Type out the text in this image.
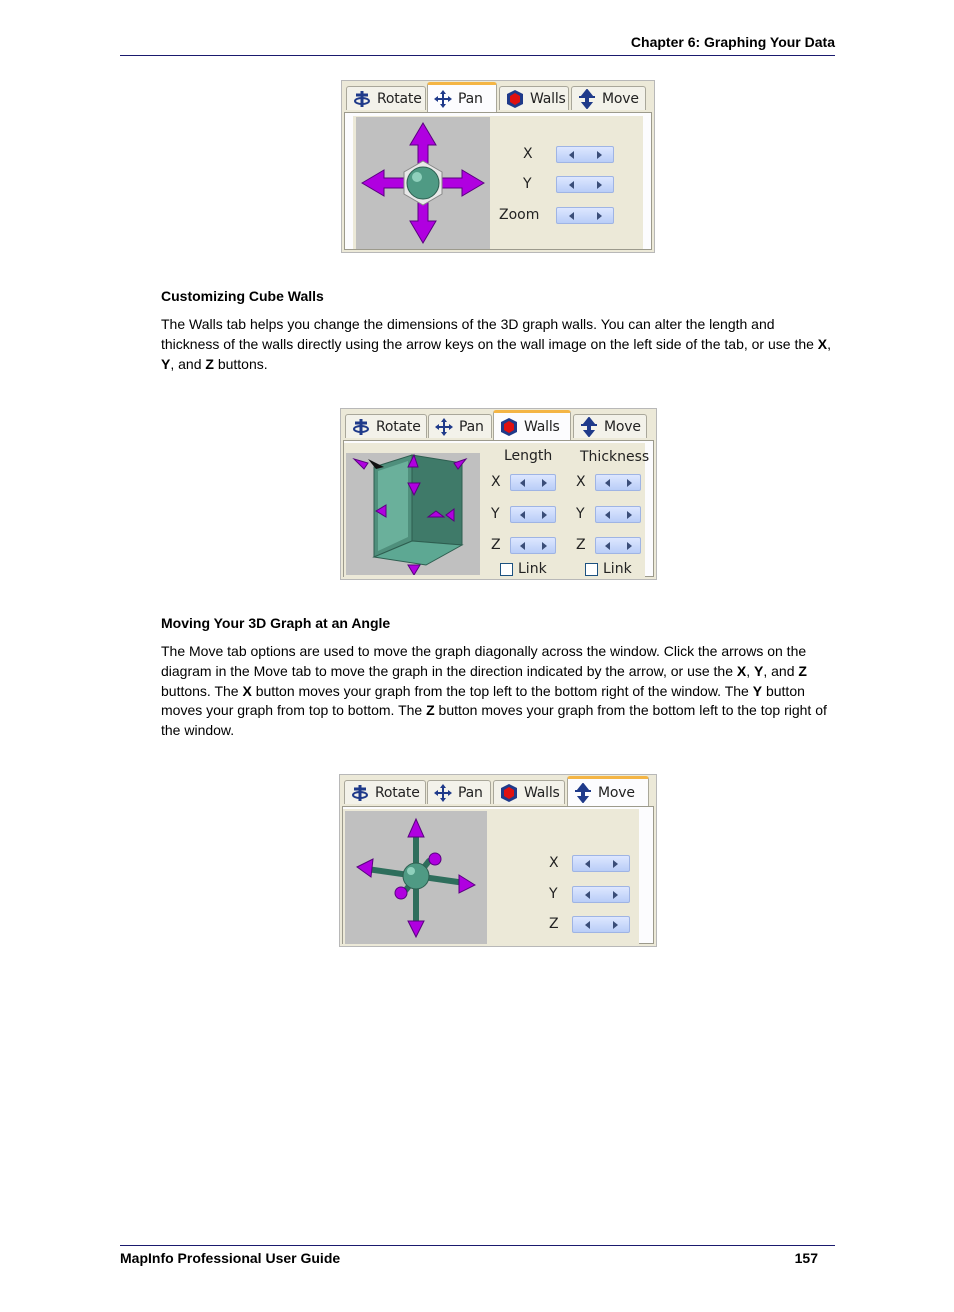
Chapter 6: Graphing Your Data
Rotate	Pan	Walls	Move
X
Y
Zoom
Customizing Cube Walls

The Walls tab helps you change the dimensions of the 3D graph walls. You can alter the length and thickness of the walls directly using the arrow keys on the wall image on the left side of the tab, or use the X, Y, and Z buttons.

Rotate	Pan	Walls	Move
Length Thickness
X	X
Y	Y
Z	Z
Link	Link
Moving Your 3D Graph at an Angle

The Move tab options are used to move the graph diagonally across the window. Click the arrows on the diagram in the Move tab to move the graph in the direction indicated by the arrow, or use the X, Y, and Z buttons. The X button moves your graph from the top left to the bottom right of the window. The Y button moves your graph from top to bottom. The Z button moves your graph from the bottom left to the top right of the window.

Rotate	Pan	Walls	Move
X
Y
Z
MapInfo Professional User Guide	157
